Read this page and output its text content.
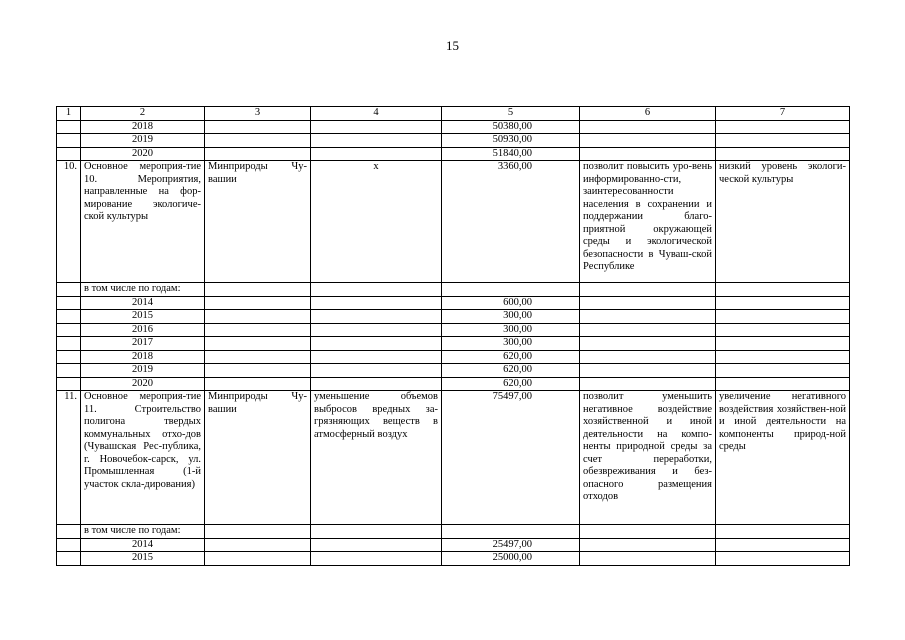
15
1	2	3	4	5	6	7
	2018			50380,00		
	2019			50930,00		
	2020			51840,00		
10.	Основное мероприя-тие 10. Мероприятия, направленные на фор-мирование экологиче-ской культуры	Минприроды Чу-вашии	х	3360,00	позволит повысить уро-вень информированно-сти, заинтересованности населения в сохранении и поддержании благо-приятной окружающей среды и экологической безопасности в Чуваш-ской Республике	низкий уровень экологи-ческой культуры
	в том числе по годам:					
	2014			600,00		
	2015			300,00		
	2016			300,00		
	2017			300,00		
	2018			620,00		
	2019			620,00		
	2020			620,00		
11.	Основное мероприя-тие 11. Строительство полигона твердых коммунальных отхо-дов (Чувашская Рес-публика, г. Новочебок-сарск, ул. Промышленная (1-й участок скла-дирования)	Минприроды Чу-вашии	уменьшение объемов выбросов вредных за-грязняющих веществ в атмосферный воздух	75497,00	позволит уменьшить негативное воздействие хозяйственной и иной деятельности на компо-ненты природной среды за счет переработки, обезвреживания и без-опасного размещения отходов	увеличение негативного воздействия хозяйствен-ной и иной деятельности на компоненты природ-ной среды
	в том числе по годам:					
	2014			25497,00		
	2015			25000,00		
